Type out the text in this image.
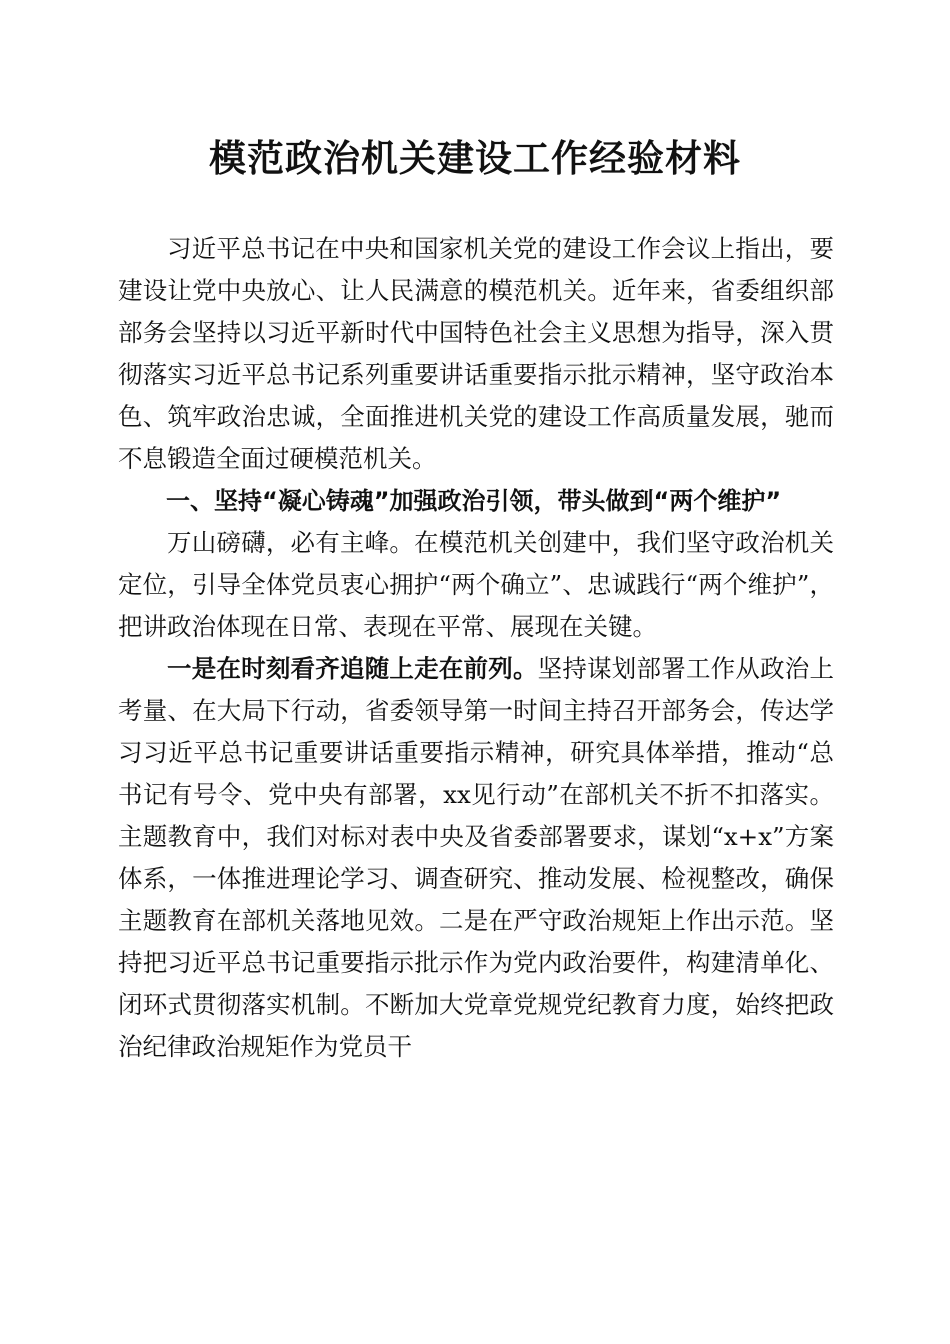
模范政治机关建设工作经验材料

习近平总书记在中央和国家机关党的建设工作会议上指出，要建设让党中央放心、让人民满意的模范机关。近年来，省委组织部部务会坚持以习近平新时代中国特色社会主义思想为指导，深入贯彻落实习近平总书记系列重要讲话重要指示批示精神，坚守政治本色、筑牢政治忠诚，全面推进机关党的建设工作高质量发展，驰而不息锻造全面过硬模范机关。

一、坚持“凝心铸魂”加强政治引领，带头做到“两个维护”

万山磅礴，必有主峰。在模范机关创建中，我们坚守政治机关定位，引导全体党员衷心拥护“两个确立”、忠诚践行“两个维护”，把讲政治体现在日常、表现在平常、展现在关键。

一是在时刻看齐追随上走在前列。坚持谋划部署工作从政治上考量、在大局下行动，省委领导第一时间主持召开部务会，传达学习习近平总书记重要讲话重要指示精神，研究具体举措，推动“总书记有号令、党中央有部署，xx见行动”在部机关不折不扣落实。主题教育中，我们对标对表中央及省委部署要求，谋划“x+x”方案体系，一体推进理论学习、调查研究、推动发展、检视整改，确保主题教育在部机关落地见效。二是在严守政治规矩上作出示范。坚持把习近平总书记重要指示批示作为党内政治要件，构建清单化、闭环式贯彻落实机制。不断加大党章党规党纪教育力度，始终把政治纪律政治规矩作为党员干
